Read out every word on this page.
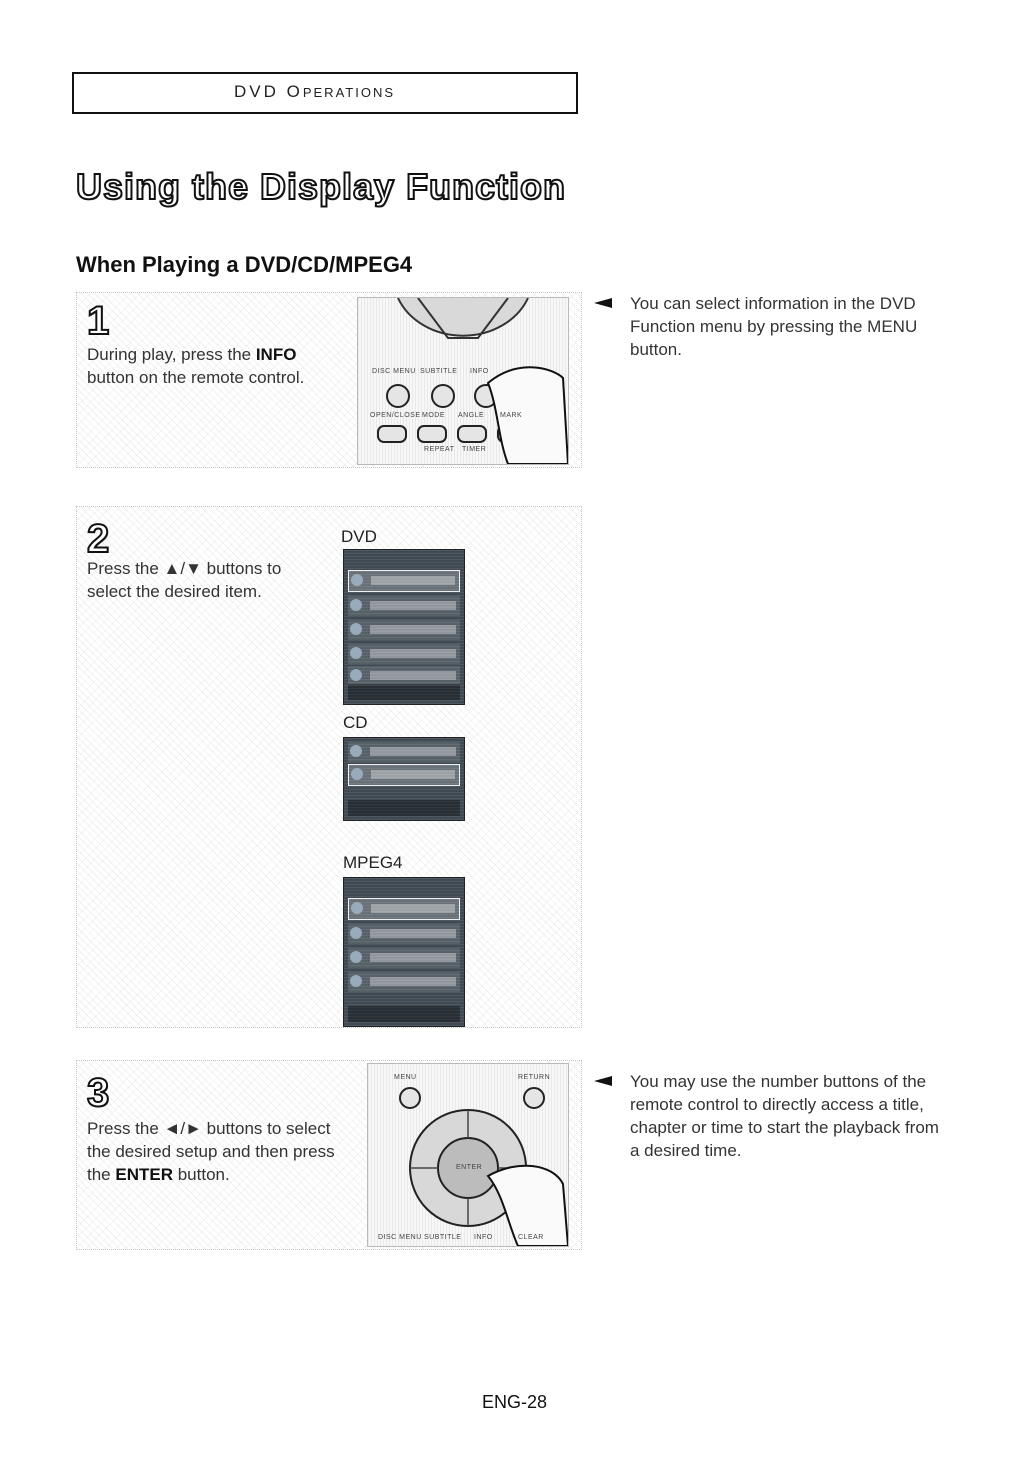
DVD OPERATIONS
Using the Display Function
When Playing a DVD/CD/MPEG4
1
During play, press the INFO button on the remote control.	DISC MENU SUBTITLE INFO
OPEN/CLOSE MODE ANGLE MARK
REPEAT TIMER
2
Press the ▲/▼ buttons to select the desired item.
DVD
CD
MPEG4
3
Press the ◄/► buttons to select the desired setup and then press the ENTER button.
MENU	RETURN
ENTER
DISC MENU SUBTITLE INFO	CLEAR
You can select information in the DVD Function menu by pressing the MENU button.
You may use the number buttons of the remote control to directly access a title, chapter or time to start the playback from a desired time.
ENG-28
